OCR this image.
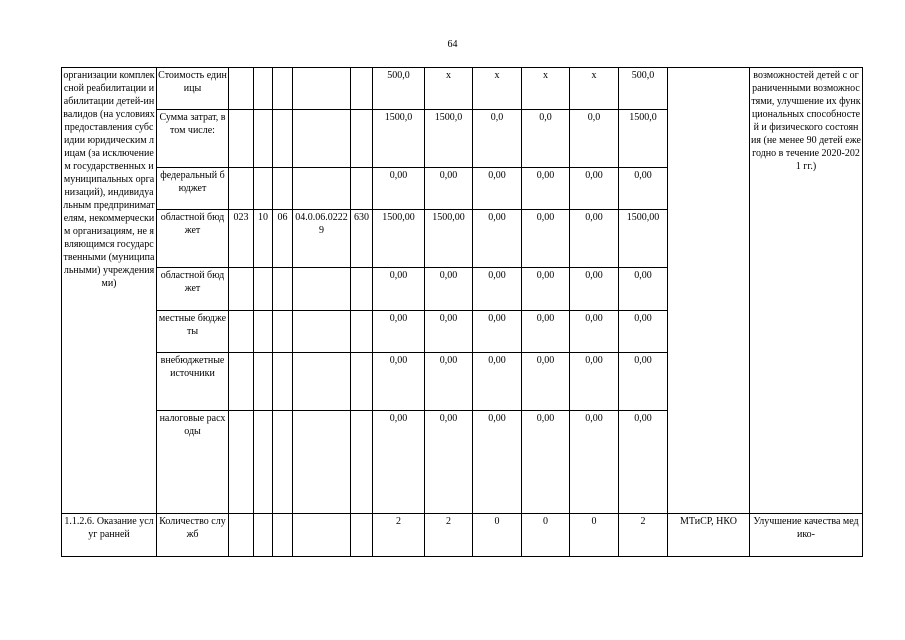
64
организации комплексной реабилитации и абилитации детей-инвалидов (на условиях предоставления субсидии юридическим лицам (за исключением государственных и муниципальных организаций), индивидуальным предпринимателям, некоммерческим организациям, не являющимся государственными (муниципальными) учреждениями)	Стоимость единицы						500,0	х	х	х	х	500,0		возможностей детей с ограниченными возможностями, улучшение их функциональных способностей и физического состояния (не менее 90 детей ежегодно в течение 2020-2021 гг.)
	Сумма затрат, в том числе:						1500,0	1500,0	0,0	0,0	0,0	1500,0		
	федеральный бюджет						0,00	0,00	0,00	0,00	0,00	0,00		
	областной бюджет	023	10	06	04.0.06.02229	630	1500,00	1500,00	0,00	0,00	0,00	1500,00		
	областной бюджет						0,00	0,00	0,00	0,00	0,00	0,00		
	местные бюджеты						0,00	0,00	0,00	0,00	0,00	0,00		
	внебюджетные источники						0,00	0,00	0,00	0,00	0,00	0,00		
	налоговые расходы						0,00	0,00	0,00	0,00	0,00	0,00		
1.1.2.6. Оказание услуг ранней	Количество служб						2	2	0	0	0	2	МТиСР, НКО	Улучшение качества медико-
